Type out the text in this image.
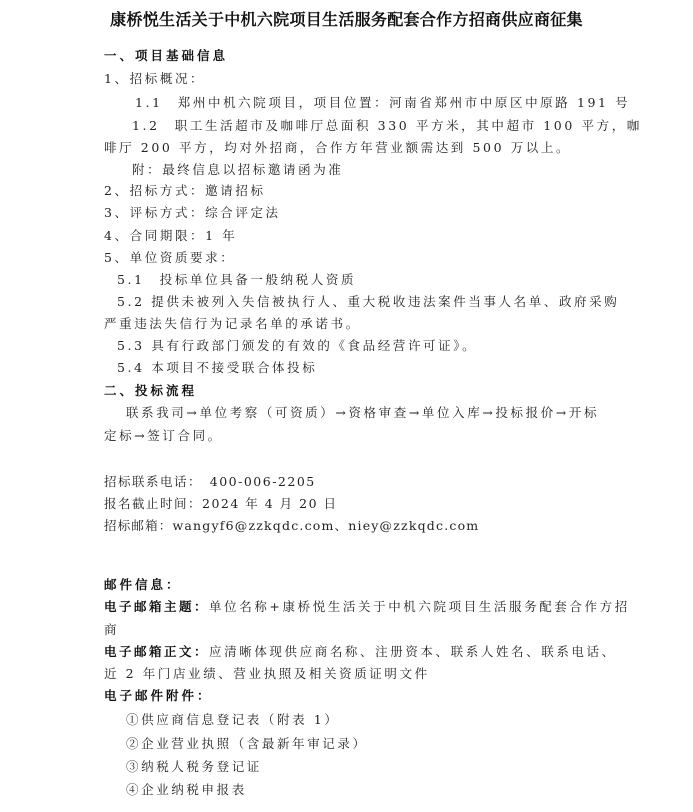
康桥悦生活关于中机六院项目生活服务配套合作方招商供应商征集
一、项目基础信息
1、招标概况：
1.1　郑州中机六院项目，项目位置：河南省郑州市中原区中原路 191 号
1.2　职工生活超市及咖啡厅总面积 330 平方米，其中超市 100 平方，咖
啡厅 200 平方，均对外招商，合作方年营业额需达到 500 万以上。
附：最终信息以招标邀请函为准
2、招标方式：邀请招标
3、评标方式：综合评定法
4、合同期限：1 年
5、单位资质要求：
5.1　投标单位具备一般纳税人资质
5.2 提供未被列入失信被执行人、重大税收违法案件当事人名单、政府采购
严重违法失信行为记录名单的承诺书。
5.3 具有行政部门颁发的有效的《食品经营许可证》。
5.4 本项目不接受联合体投标
二、投标流程
联系我司→单位考察（可资质）→资格审查→单位入库→投标报价→开标
定标→签订合同。
招标联系电话：　400-006-2205
报名截止时间：2024 年 4 月 20 日
招标邮箱：wangyf6@zzkqdc.com、niey@zzkqdc.com
邮件信息：
电子邮箱主题：单位名称+康桥悦生活关于中机六院项目生活服务配套合作方招
商
电子邮箱正文：应清晰体现供应商名称、注册资本、联系人姓名、联系电话、
近 2 年门店业绩、营业执照及相关资质证明文件
电子邮件附件：
①供应商信息登记表（附表 1）
②企业营业执照（含最新年审记录）
③纳税人税务登记证
④企业纳税申报表
